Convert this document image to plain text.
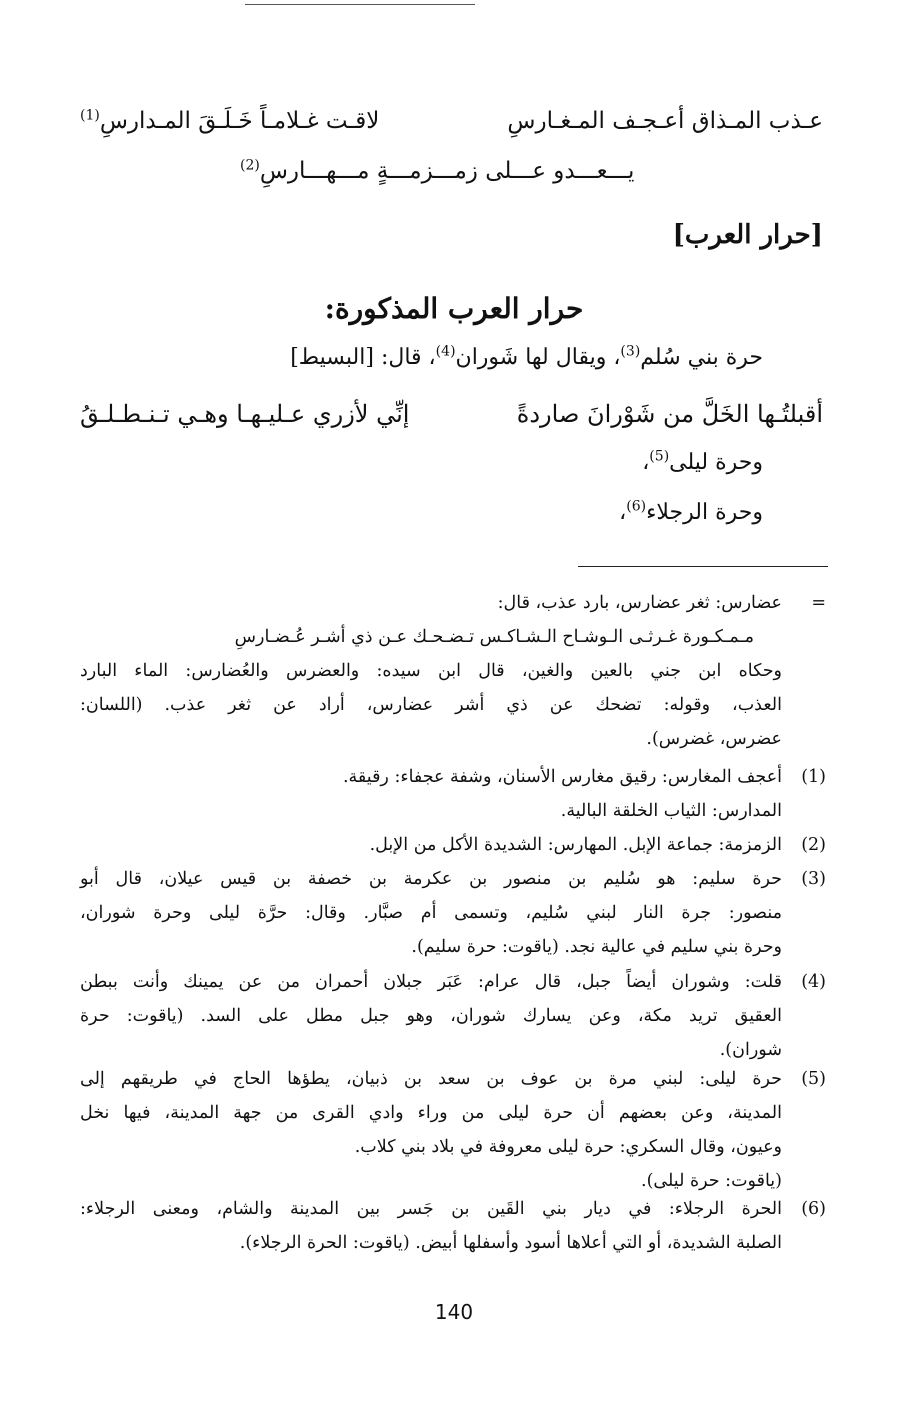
عـذب المـذاق أعـجـف المـغـارسِ
لاقـت غـلامـاً خَـلَـقَ المـدارسِ$^{(1)}$
يـــعـــدو عـــلى زمـــزمـــةٍ مـــهـــارسِ$^{(2)}$
[حرار العرب]
حرار العرب المذكورة:
حرة بني سُلم$^{(3)}$، ويقال لها شَوران$^{(4)}$، قال: [البسيط]
أقبلتُـها الخَلَّ من شَوْرانَ صاردةً
إنِّي لأزري عـليـهـا وهـي تـنـطـلـقُ
وحرة ليلى$^{(5)}$،
وحرة الرجلاء$^{(6)}$،
=
عضارس: ثغر عضارس، بارد عذب، قال:
مـمـكـورة غـرثـى الـوشـاح الـشـاكـس تـضـحـك عـن ذي أشـر عُـضـارسِ
وحكاه ابن جني بالعين والغين، قال ابن سيده: والعضرس والعُضارس: الماء البارد
العذب، وقوله: تضحك عن ذي أشر عضارس، أراد عن ثغر عذب. (اللسان:
عضرس، غضرس).
(1)
أعجف المغارس: رقيق مغارس الأسنان، وشفة عجفاء: رقيقة.
المدارس: الثياب الخلقة البالية.
(2)
الزمزمة: جماعة الإبل. المهارس: الشديدة الأكل من الإبل.
(3)
حرة سليم: هو سُليم بن منصور بن عكرمة بن خصفة بن قيس عيلان، قال أبو
منصور: جرة النار لبني سُليم، وتسمى أم صبَّار. وقال: حرَّة ليلى وحرة شوران،
وحرة بني سليم في عالية نجد. (ياقوت: حرة سليم).
(4)
قلت: وشوران أيضاً جبل، قال عرام: عَبَر جبلان أحمران من عن يمينك وأنت ببطن
العقيق تريد مكة، وعن يسارك شوران، وهو جبل مطل على السد. (ياقوت: حرة
شوران).
(5)
حرة ليلى: لبني مرة بن عوف بن سعد بن ذبيان، يطؤها الحاج في طريقهم إلى
المدينة، وعن بعضهم أن حرة ليلى من وراء وادي القرى من جهة المدينة، فيها نخل
وعيون، وقال السكري: حرة ليلى معروفة في بلاد بني كلاب.
(ياقوت: حرة ليلى).
(6)
الحرة الرجلاء: في ديار بني القَين بن جَسر بين المدينة والشام، ومعنى الرجلاء:
الصلبة الشديدة، أو التي أعلاها أسود وأسفلها أبيض. (ياقوت: الحرة الرجلاء).
140
